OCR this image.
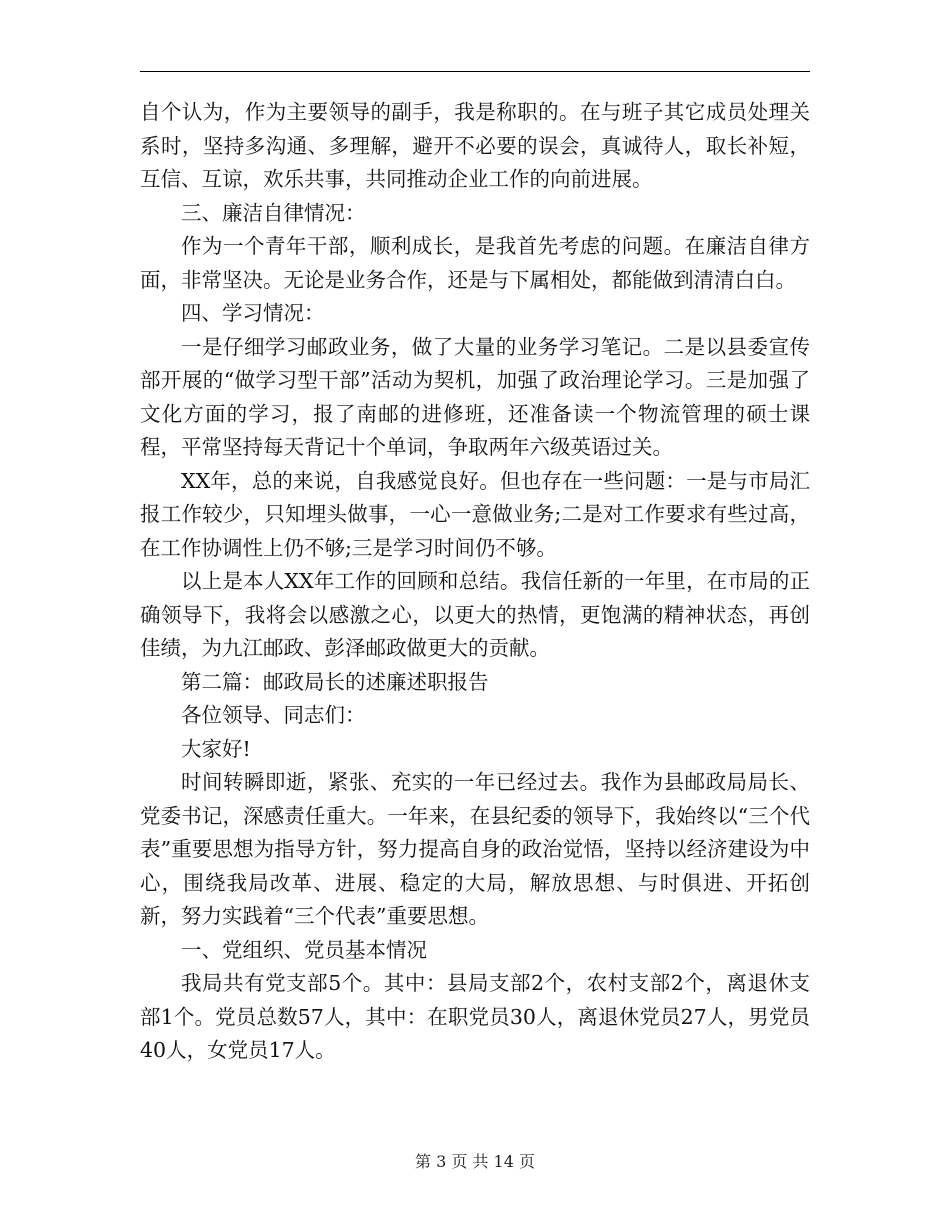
自个认为，作为主要领导的副手，我是称职的。在与班子其它成员处理关系时，坚持多沟通、多理解，避开不必要的误会，真诚待人，取长补短，互信、互谅，欢乐共事，共同推动企业工作的向前进展。

三、廉洁自律情况：

作为一个青年干部，顺利成长，是我首先考虑的问题。在廉洁自律方面，非常坚决。无论是业务合作，还是与下属相处，都能做到清清白白。

四、学习情况：

一是仔细学习邮政业务，做了大量的业务学习笔记。二是以县委宣传部开展的“做学习型干部”活动为契机，加强了政治理论学习。三是加强了文化方面的学习，报了南邮的进修班，还准备读一个物流管理的硕士课程，平常坚持每天背记十个单词，争取两年六级英语过关。

XX年，总的来说，自我感觉良好。但也存在一些问题：一是与市局汇报工作较少，只知埋头做事，一心一意做业务;二是对工作要求有些过高，在工作协调性上仍不够;三是学习时间仍不够。

以上是本人XX年工作的回顾和总结。我信任新的一年里，在市局的正确领导下，我将会以感激之心，以更大的热情，更饱满的精神状态，再创佳绩，为九江邮政、彭泽邮政做更大的贡献。

第二篇：邮政局长的述廉述职报告

各位领导、同志们：

大家好!

时间转瞬即逝，紧张、充实的一年已经过去。我作为县邮政局局长、党委书记，深感责任重大。一年来，在县纪委的领导下，我始终以“三个代表”重要思想为指导方针，努力提高自身的政治觉悟，坚持以经济建设为中心，围绕我局改革、进展、稳定的大局，解放思想、与时俱进、开拓创新，努力实践着“三个代表”重要思想。

一、党组织、党员基本情况

我局共有党支部5个。其中：县局支部2个，农村支部2个，离退休支部1个。党员总数57人，其中：在职党员30人，离退休党员27人，男党员40人，女党员17人。

第 3 页 共 14 页
